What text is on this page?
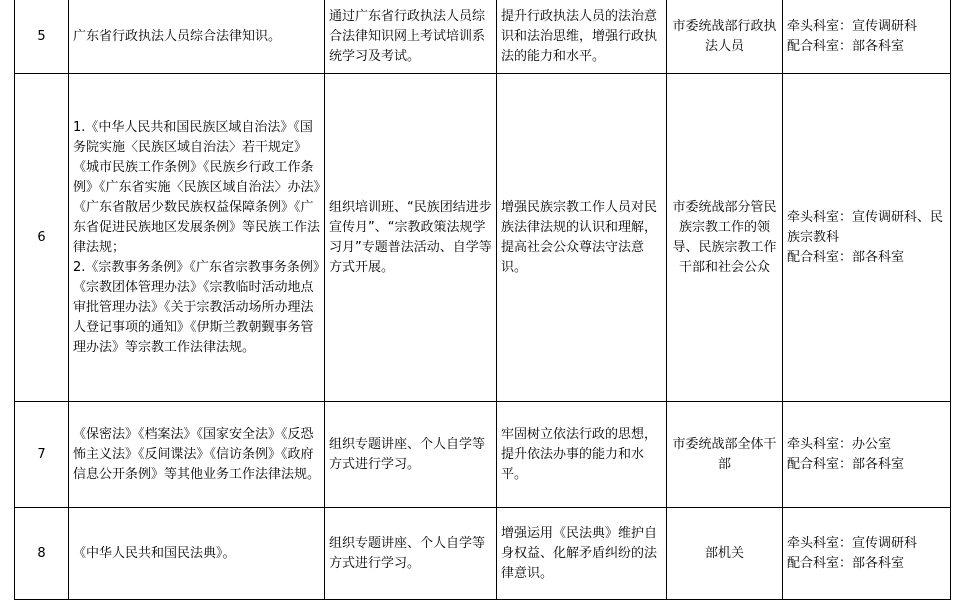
5	广东省行政执法人员综合法律知识。	通过广东省行政执法人员综合法律知识网上考试培训系统学习及考试。	提升行政执法人员的法治意识和法治思维，增强行政执法的能力和水平。	市委统战部行政执法人员	牵头科室：宣传调研科
配合科室：部各科室

6	1.《中华人民共和国民族区域自治法》《国务院实施〈民族区域自治法〉若干规定》《城市民族工作条例》《民族乡行政工作条例》《广东省实施〈民族区域自治法〉办法》《广东省散居少数民族权益保障条例》《广东省促进民族地区发展条例》等民族工作法律法规；
2.《宗教事务条例》《广东省宗教事务条例》《宗教团体管理办法》《宗教临时活动地点审批管理办法》《关于宗教活动场所办理法人登记事项的通知》《伊斯兰教朝觐事务管理办法》等宗教工作法律法规。	组织培训班、“民族团结进步宣传月”、“宗教政策法规学习月”专题普法活动、自学等方式开展。	增强民族宗教工作人员对民族法律法规的认识和理解，提高社会公众尊法守法意识。	市委统战部分管民族宗教工作的领导、民族宗教工作干部和社会公众	牵头科室：宣传调研科、民族宗教科
配合科室：部各科室

7	《保密法》《档案法》《国家安全法》《反恐怖主义法》《反间谍法》《信访条例》《政府信息公开条例》等其他业务工作法律法规。	组织专题讲座、个人自学等方式进行学习。	牢固树立依法行政的思想，提升依法办事的能力和水平。	市委统战部全体干部	牵头科室：办公室
配合科室：部各科室

8	《中华人民共和国民法典》。	组织专题讲座、个人自学等方式进行学习。	增强运用《民法典》维护自身权益、化解矛盾纠纷的法律意识。	部机关	牵头科室：宣传调研科
配合科室：部各科室
